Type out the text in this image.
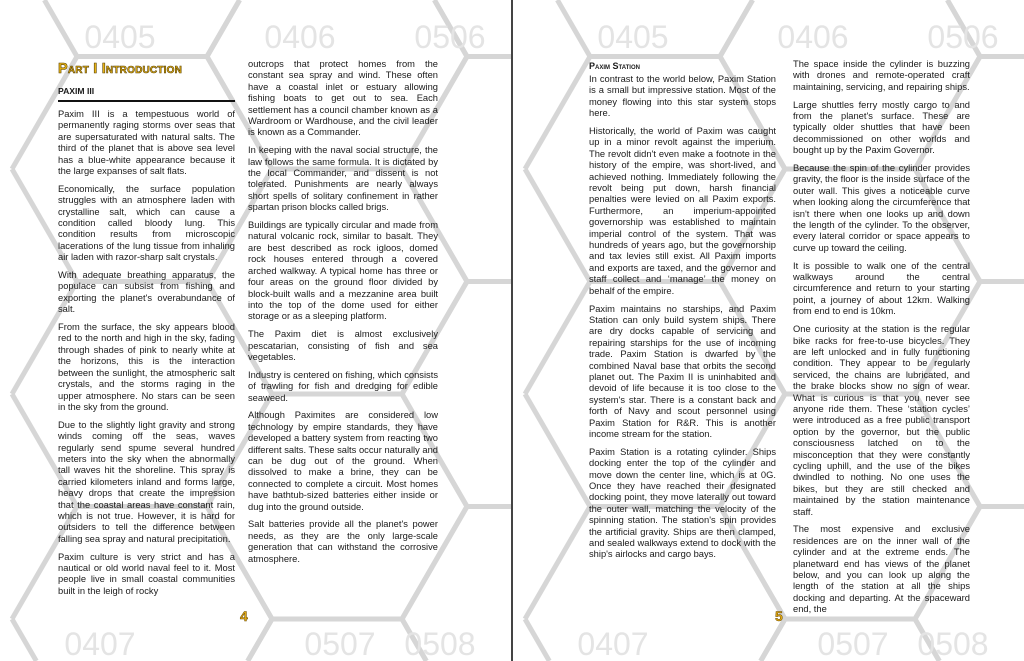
0405	0406 0506
0407	0507 0508
Part I Introduction
PAXIM III

Paxim III is a tempestuous world of permanently raging storms over seas that are supersaturated with natural salts. The third of the planet that is above sea level has a blue-white appearance because it the large expanses of salt flats.

Economically, the surface population struggles with an atmosphere laden with crystalline salt, which can cause a condition called bloody lung. This condition results from microscopic lacerations of the lung tissue from inhaling air laden with razor-sharp salt crystals.

With adequate breathing apparatus, the populace can subsist from fishing and exporting the planet's overabundance of salt.

From the surface, the sky appears blood red to the north and high in the sky, fading through shades of pink to nearly white at the horizons, this is the interaction between the sunlight, the atmospheric salt crystals, and the storms raging in the upper atmosphere. No stars can be seen in the sky from the ground.

Due to the slightly light gravity and strong winds coming off the seas, waves regularly send spume several hundred meters into the sky when the abnormally tall waves hit the shoreline. This spray is carried kilometers inland and forms large, heavy drops that create the impression that the coastal areas have constant rain, which is not true. However, it is hard for outsiders to tell the difference between falling sea spray and natural precipitation.

Paxim culture is very strict and has a nautical or old world naval feel to it. Most people live in small coastal communities built in the leigh of rocky

outcrops that protect homes from the constant sea spray and wind. These often have a coastal inlet or estuary allowing fishing boats to get out to sea. Each settlement has a council chamber known as a Wardroom or Wardhouse, and the civil leader is known as a Commander.

In keeping with the naval social structure, the law follows the same formula. It is dictated by the local Commander, and dissent is not tolerated. Punishments are nearly always short spells of solitary confinement in rather spartan prison blocks called brigs.

Buildings are typically circular and made from natural volcanic rock, similar to basalt. They are best described as rock igloos, domed rock houses entered through a covered arched walkway. A typical home has three or four areas on the ground floor divided by block-built walls and a mezzanine area built into the top of the dome used for either storage or as a sleeping platform.

The Paxim diet is almost exclusively pescatarian, consisting of fish and sea vegetables.

Industry is centered on fishing, which consists of trawling for fish and dredging for edible seaweed.

Although Paximites are considered low technology by empire standards, they have developed a battery system from reacting two different salts. These salts occur naturally and can be dug out of the ground. When dissolved to make a brine, they can be connected to complete a circuit. Most homes have bathtub-sized batteries either inside or dug into the ground outside.

Salt batteries provide all the planet's power needs, as they are the only large-scale generation that can withstand the corrosive atmosphere.

4
0405	0406 0506
0407	0507 0508
Paxim Station

In contrast to the world below, Paxim Station is a small but impressive station. Most of the money flowing into this star system stops here.

Historically, the world of Paxim was caught up in a minor revolt against the imperium. The revolt didn't even make a footnote in the history of the empire, was short-lived, and achieved nothing. Immediately following the revolt being put down, harsh financial penalties were levied on all Paxim exports. Furthermore, an imperium-appointed governorship was established to maintain imperial control of the system. That was hundreds of years ago, but the governorship and tax levies still exist. All Paxim imports and exports are taxed, and the governor and staff collect and ‘manage’ the money on behalf of the empire.

Paxim maintains no starships, and Paxim Station can only build system ships. There are dry docks capable of servicing and repairing starships for the use of incoming trade. Paxim Station is dwarfed by the combined Naval base that orbits the second planet out. The Paxim II is uninhabited and devoid of life because it is too close to the system's star. There is a constant back and forth of Navy and scout personnel using Paxim Station for R&R. This is another income stream for the station.

Paxim Station is a rotating cylinder. Ships docking enter the top of the cylinder and move down the center line, which is at 0G. Once they have reached their designated docking point, they move laterally out toward the outer wall, matching the velocity of the spinning station. The station's spin provides the artificial gravity. Ships are then clamped, and sealed walkways extend to dock with the ship's airlocks and cargo bays.

The space inside the cylinder is buzzing with drones and remote-operated craft maintaining, servicing, and repairing ships.

Large shuttles ferry mostly cargo to and from the planet's surface. These are typically older shuttles that have been decommissioned on other worlds and bought up by the Paxim Governor.

Because the spin of the cylinder provides gravity, the floor is the inside surface of the outer wall. This gives a noticeable curve when looking along the circumference that isn't there when one looks up and down the length of the cylinder. To the observer, every lateral corridor or space appears to curve up toward the ceiling.

It is possible to walk one of the central walkways around the central circumference and return to your starting point, a journey of about 12km. Walking from end to end is 10km.

One curiosity at the station is the regular bike racks for free-to-use bicycles. They are left unlocked and in fully functioning condition. They appear to be regularly serviced, the chains are lubricated, and the brake blocks show no sign of wear. What is curious is that you never see anyone ride them. These ‘station cycles’ were introduced as a free public transport option by the governor, but the public consciousness latched on to the misconception that they were constantly cycling uphill, and the use of the bikes dwindled to nothing. No one uses the bikes, but they are still checked and maintained by the station maintenance staff.

The most expensive and exclusive residences are on the inner wall of the cylinder and at the extreme ends. The planetward end has views of the planet below, and you can look up along the length of the station at all the ships docking and departing. At the spaceward end, the

5
